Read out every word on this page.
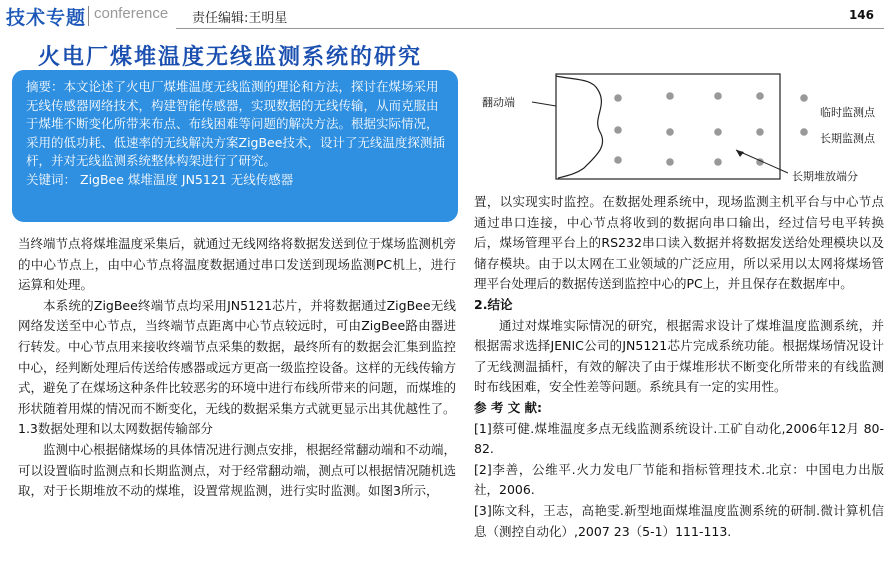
技术专题 conference 责任编辑:王明星	146
火电厂煤堆温度无线监测系统的研究

摘要：本文论述了火电厂煤堆温度无线监测的理论和方法，探讨在煤场采用无线传感器网络技术，构建智能传感器，实现数据的无线传输，从而克服由于煤堆不断变化所带来布点、布线困难等问题的解决方法。根据实际情况，采用的低功耗、低速率的无线解决方案ZigBee技术，设计了无线温度探测插杆，并对无线监测系统整体构架进行了研究。

关键词： ZigBee 煤堆温度 JN5121 无线传感器

当终端节点将煤堆温度采集后，就通过无线网络将数据发送到位于煤场监测机旁的中心节点上，由中心节点将温度数据通过串口发送到现场监测PC机上，进行运算和处理。

本系统的ZigBee终端节点均采用JN5121芯片，并将数据通过ZigBee无线网络发送至中心节点，当终端节点距离中心节点较远时，可由ZigBee路由器进行转发。中心节点用来接收终端节点采集的数据，最终所有的数据会汇集到监控中心，经判断处理后传送给传感器或远方更高一级监控设备。这样的无线传输方式，避免了在煤场这种条件比较恶劣的环境中进行布线所带来的问题，而煤堆的形状随着用煤的情况而不断变化，无线的数据采集方式就更显示出其优越性了。

1.3数据处理和以太网数据传输部分

监测中心根据储煤场的具体情况进行测点安排，根据经常翻动端和不动端，可以设置临时监测点和长期监测点，对于经常翻动端，测点可以根据情况随机选取，对于长期堆放不动的煤堆，设置常规监测，进行实时监测。如图3所示，

翻动端
临时监测点
长期监测点
长期堆放端分

置，以实现实时监控。在数据处理系统中，现场监测主机平台与中心节点通过串口连接，中心节点将收到的数据向串口输出，经过信号电平转换后，煤场管理平台上的RS232串口读入数据并将数据发送给处理模块以及储存模块。由于以太网在工业领域的广泛应用，所以采用以太网将煤场管理平台处理后的数据传送到监控中心的PC上，并且保存在数据库中。

2.结论

通过对煤堆实际情况的研究，根据需求设计了煤堆温度监测系统，并根据需求选择JENIC公司的JN5121芯片完成系统功能。根据煤场情况设计了无线测温插杆，有效的解决了由于煤堆形状不断变化所带来的有线监测时布线困难，安全性差等问题。系统具有一定的实用性。

参 考 文 献:

[1]蔡可健.煤堆温度多点无线监测系统设计.工矿自动化,2006年12月 80-82.

[2]李善，公维平.火力发电厂节能和指标管理技术.北京：中国电力出版社，2006.

[3]陈文科，王志，高艳雯.新型地面煤堆温度监测系统的研制.微计算机信息（测控自动化）,2007 23（5-1）111-113.
